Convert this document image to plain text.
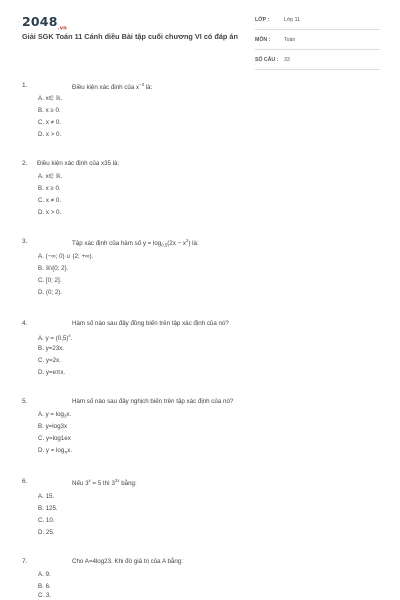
$2048_{.vn}$
Giải SGK Toán 11 Cánh diều Bài tập cuối chương VI có đáp án
LỚP :	Lớp 11
MÔN :	Toán
SỐ CÂU : 33
1.	Điều kiện xác định của $x^{-3}$ là:
A. x∈ ℝ.
B. x ≥ 0.
C. x ≠ 0.
D. x > 0.
2. Điều kiện xác định của x35 là:
A. x∈ ℝ.
B. x ≥ 0.
C. x ≠ 0.
D. x > 0.
3.	Tập xác định của hàm số $y = \log_{0,5}(2x - x^2)$ là:
A. (−∞; 0) ∪ (2; +∞).
B. ℝ\{0; 2}.
C. [0; 2].
D. (0; 2).
4.	Hàm số nào sau đây đồng biến trên tập xác định của nó?
A. $y = (0,5)^x$.
B. y=23x.
C. y=2x.
D. y=eπx.
5.	Hàm số nào sau đây nghịch biến trên tập xác định của nó?
A. $y = \log_3x$.
B. y=log3x
C. y=log1ex
D. $y = \log_\pi x$.
6.	Nếu $3^x = 5$ thì $3^{2x}$ bằng:
A. 15.
B. 125.
C. 10.
D. 25.
7.	Cho A=4log23. Khi đó giá trị của A bằng:
A. 9.
B. 6.
C. 3.
